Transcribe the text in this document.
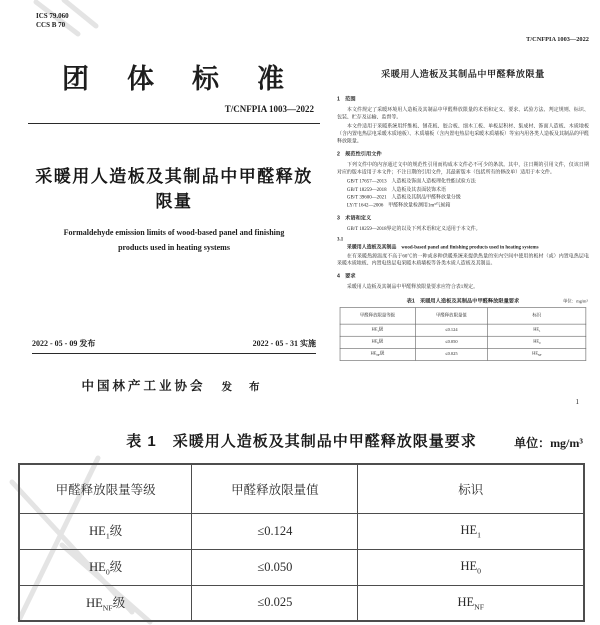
ICS 79.060
CCS B 70
团体标准
T/CNFPIA 1003—2022
采暖用人造板及其制品中甲醛释放限量
Formaldehyde emission limits of wood-based panel and finishing
products used in heating systems
2022 - 05 - 09 发布	2022 - 05 - 31 实施
中国林产工业协会 发 布
T/CNFPIA 1003—2022
采暖用人造板及其制品中甲醛释放限量
1　范围

本文件规定了采暖环境用人造板及其制品中甲醛释放限量的术语和定义、要求、试验方法、判定规则、标识、包装、贮存及运输、监督等。

本文件适用于采暖系统用纤维板、刨花板、胶合板、细木工板、单板层积材、集成材、饰面人造板、木质地板（含内置电热层电采暖木质地板）、木质墙板（含内置电热层电采暖木质墙板）等室内用各类人造板及其制品的甲醛释放限量。

2　规范性引用文件

下列文件中的内容通过文中的规范性引用而构成本文件必不可少的条款。其中，注日期的引用文件，仅该日期对应的版本适用于本文件；不注日期的引用文件，其最新版本（包括所有的修改单）适用于本文件。

GB/T 17657—2013　人造板及饰面人造板理化性能试验方法
GB/T 18259—2018　人造板及其表面装饰术语
GB/T 39600—2021　人造板及其制品甲醛释放量分级
LY/T 1642—2006　甲醛释放量检测用1m³气候箱
3　术语和定义

GB/T 18259—2018界定的以及下列术语和定义适用于本文件。

3.1
采暖用人造板及其制品　wood-based panel and finishing products used in heating systems

在有采暖热源温度不高于60℃的一种或多种供暖系统来提供热量的室内空间中使用的板材（或）内置电热层电采暖木质地板、内置电热层电采暖木质墙板等各类木质人造板及其制品。

4　要求

采暖用人造板及其制品中甲醛释放限量要求应符合表1规定。

表1　采暖用人造板及其制品中甲醛释放限量要求	单位：mg/m³
甲醛释放限量等级	甲醛释放限量值	标识
$HE_1$级	≤0.124	$HE_1$
$HE_0$级	≤0.050	$HE_0$
$HE_{NF}$级	≤0.025	$HE_{NF}$
1
表 1　采暖用人造板及其制品中甲醛释放限量要求	单位：mg/m³
甲醛释放限量等级	甲醛释放限量值	标识
$HE_1$级	≤0.124	$HE_1$
$HE_0$级	≤0.050	$HE_0$
$HE_{NF}$级	≤0.025	$HE_{NF}$
